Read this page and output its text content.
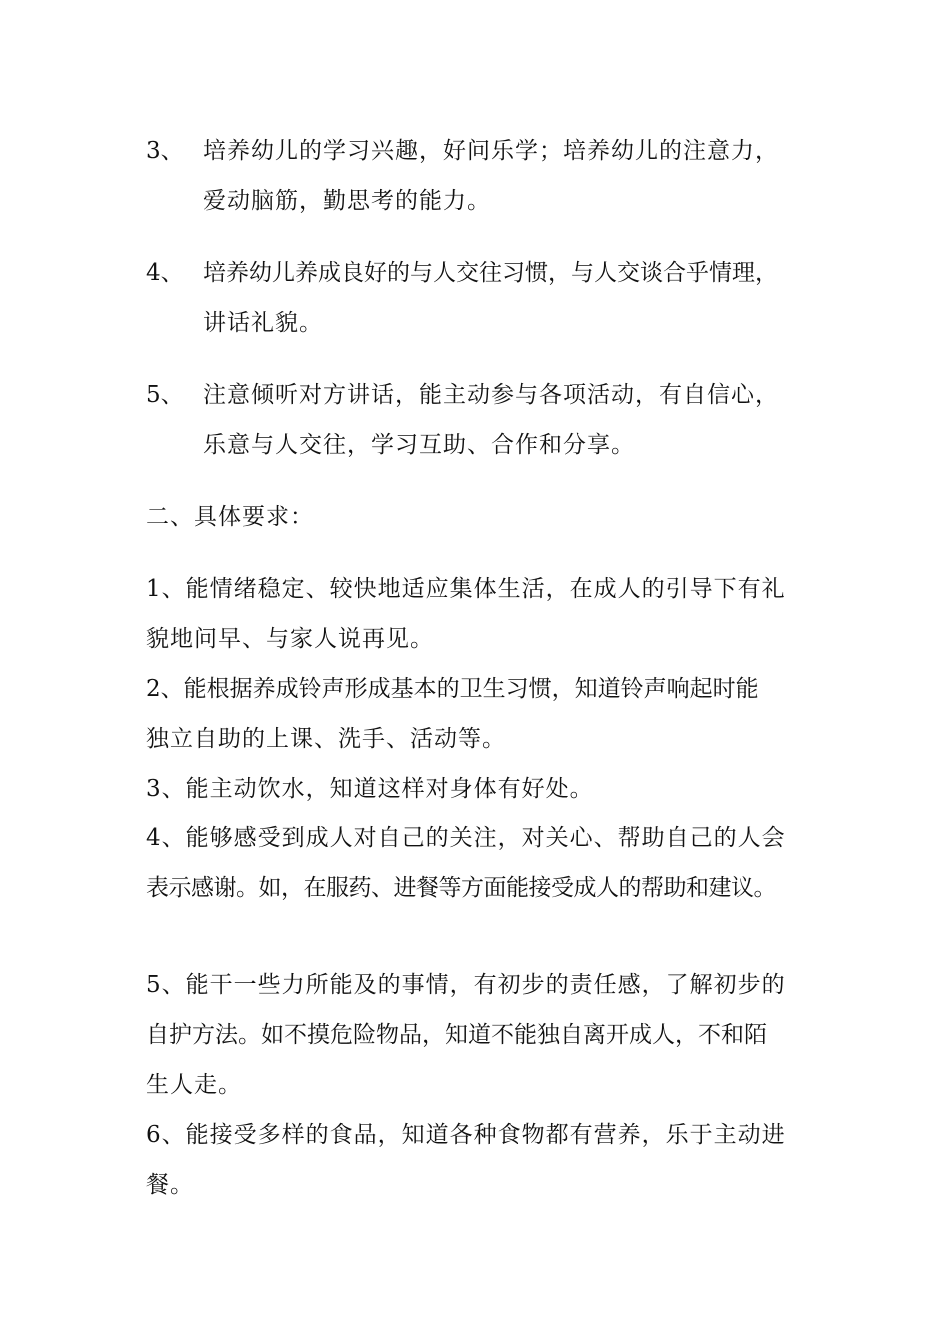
3、 培养幼儿的学习兴趣，好问乐学；培养幼儿的注意力，
爱动脑筋，勤思考的能力。
4、 培养幼儿养成良好的与人交往习惯，与人交谈合乎情理，
讲话礼貌。
5、 注意倾听对方讲话，能主动参与各项活动，有自信心，
乐意与人交往，学习互助、合作和分享。
二、具体要求：
1、能情绪稳定、较快地适应集体生活，在成人的引导下有礼
貌地问早、与家人说再见。
2、能根据养成铃声形成基本的卫生习惯，知道铃声响起时能
独立自助的上课、洗手、活动等。
3、能主动饮水，知道这样对身体有好处。
4、能够感受到成人对自己的关注，对关心、帮助自己的人会
表示感谢。如，在服药、进餐等方面能接受成人的帮助和建议。
5、能干一些力所能及的事情，有初步的责任感，了解初步的
自护方法。如不摸危险物品，知道不能独自离开成人，不和陌
生人走。
6、能接受多样的食品，知道各种食物都有营养，乐于主动进
餐。
